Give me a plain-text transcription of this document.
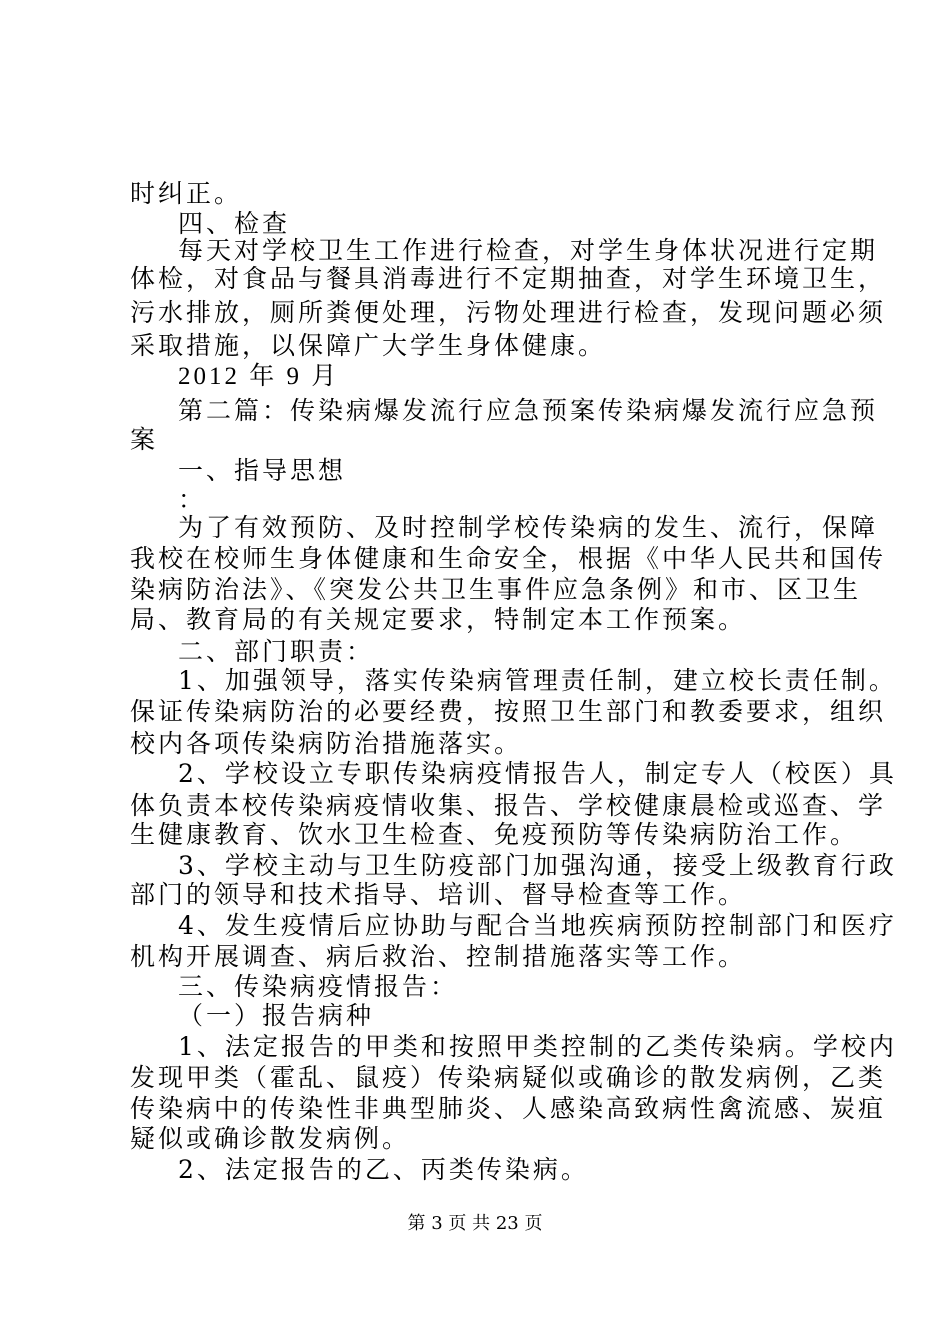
时纠正。

四、检查

每天对学校卫生工作进行检查，对学生身体状况进行定期

体检，对食品与餐具消毒进行不定期抽查，对学生环境卫生，

污水排放，厕所粪便处理，污物处理进行检查，发现问题必须

采取措施，以保障广大学生身体健康。

2012 年 9 月

第二篇：传染病爆发流行应急预案传染病爆发流行应急预

案

一、指导思想

：

为了有效预防、及时控制学校传染病的发生、流行，保障

我校在校师生身体健康和生命安全，根据《中华人民共和国传

染病防治法》、《突发公共卫生事件应急条例》和市、区卫生

局、教育局的有关规定要求，特制定本工作预案。

二、部门职责：

1、加强领导，落实传染病管理责任制，建立校长责任制。

保证传染病防治的必要经费，按照卫生部门和教委要求，组织

校内各项传染病防治措施落实。

2、学校设立专职传染病疫情报告人，制定专人（校医）具

体负责本校传染病疫情收集、报告、学校健康晨检或巡查、学

生健康教育、饮水卫生检查、免疫预防等传染病防治工作。

3、学校主动与卫生防疫部门加强沟通，接受上级教育行政

部门的领导和技术指导、培训、督导检查等工作。

4、发生疫情后应协助与配合当地疾病预防控制部门和医疗

机构开展调查、病后救治、控制措施落实等工作。

三、传染病疫情报告：

（一）报告病种

1、法定报告的甲类和按照甲类控制的乙类传染病。学校内

发现甲类（霍乱、鼠疫）传染病疑似或确诊的散发病例，乙类

传染病中的传染性非典型肺炎、人感染高致病性禽流感、炭疽

疑似或确诊散发病例。

2、法定报告的乙、丙类传染病。

第 3 页 共 23 页
